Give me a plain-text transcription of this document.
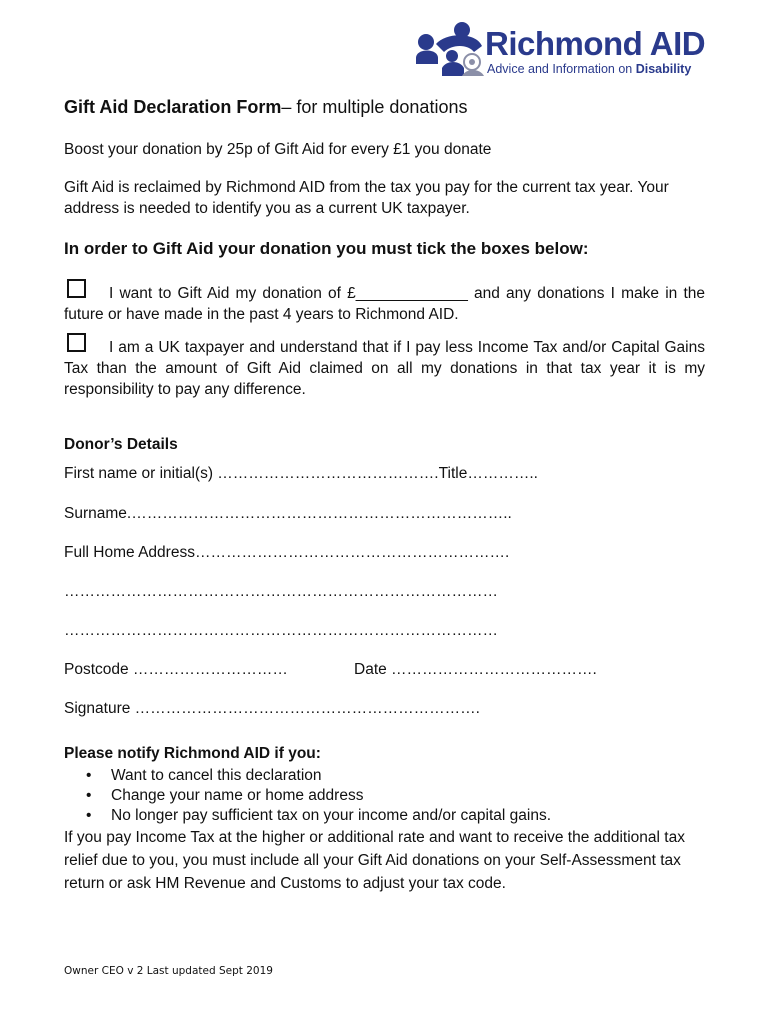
Richmond AID
Advice and Information on Disability
Gift Aid Declaration Form– for multiple donations
Boost your donation by 25p of Gift Aid for every £1 you donate
Gift Aid is reclaimed by Richmond AID from the tax you pay for the current tax year. Your address is needed to identify you as a current UK taxpayer.
In order to Gift Aid your donation you must tick the boxes below:
I want to Gift Aid my donation of £_____________ and any donations I make in the future or have made in the past 4 years to Richmond AID.
I am a UK taxpayer and understand that if I pay less Income Tax and/or Capital Gains Tax than the amount of Gift Aid claimed on all my donations in that tax year it is my responsibility to pay any difference.
Donor’s Details
First name or initial(s) …………………………………….Title…………..
Surname.………………………………………………………………..
Full Home Address…………………………………………………….
…………………………………………………………………………
…………………………………………………………………………
Postcode …………………………	Date ………………………………….
Signature ………………………………………………………….
Please notify Richmond AID if you:
• Want to cancel this declaration
• Change your name or home address
• No longer pay sufficient tax on your income and/or capital gains.
If you pay Income Tax at the higher or additional rate and want to receive the additional tax relief due to you, you must include all your Gift Aid donations on your Self-Assessment tax return or ask HM Revenue and Customs to adjust your tax code.
Owner CEO v 2 Last updated Sept 2019
